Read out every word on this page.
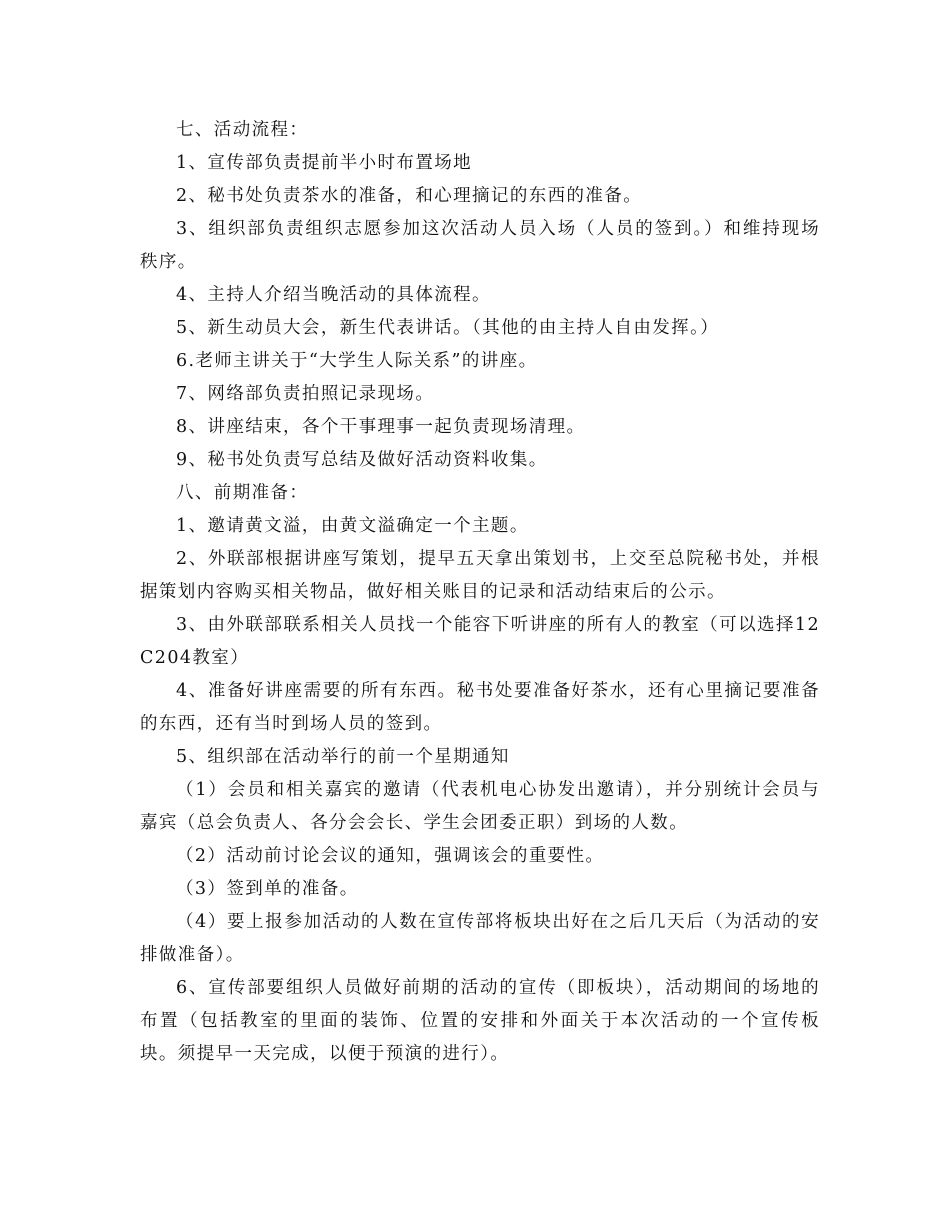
七、活动流程：

1、宣传部负责提前半小时布置场地

2、秘书处负责茶水的准备，和心理摘记的东西的准备。

3、组织部负责组织志愿参加这次活动人员入场（人员的签到。）和维持现场秩序。

4、主持人介绍当晚活动的具体流程。

5、新生动员大会，新生代表讲话。（其他的由主持人自由发挥。）

6.老师主讲关于“大学生人际关系”的讲座。

7、网络部负责拍照记录现场。

8、讲座结束，各个干事理事一起负责现场清理。

9、秘书处负责写总结及做好活动资料收集。

八、前期准备：

1、邀请黄文溢，由黄文溢确定一个主题。

2、外联部根据讲座写策划，提早五天拿出策划书，上交至总院秘书处，并根据策划内容购买相关物品，做好相关账目的记录和活动结束后的公示。

3、由外联部联系相关人员找一个能容下听讲座的所有人的教室（可以选择12C204教室）

4、准备好讲座需要的所有东西。秘书处要准备好茶水，还有心里摘记要准备的东西，还有当时到场人员的签到。

5、组织部在活动举行的前一个星期通知

（1）会员和相关嘉宾的邀请（代表机电心协发出邀请），并分别统计会员与嘉宾（总会负责人、各分会会长、学生会团委正职）到场的人数。

（2）活动前讨论会议的通知，强调该会的重要性。

（3）签到单的准备。

（4）要上报参加活动的人数在宣传部将板块出好在之后几天后（为活动的安排做准备）。

6、宣传部要组织人员做好前期的活动的宣传（即板块），活动期间的场地的布置（包括教室的里面的装饰、位置的安排和外面关于本次活动的一个宣传板块。须提早一天完成，以便于预演的进行）。
